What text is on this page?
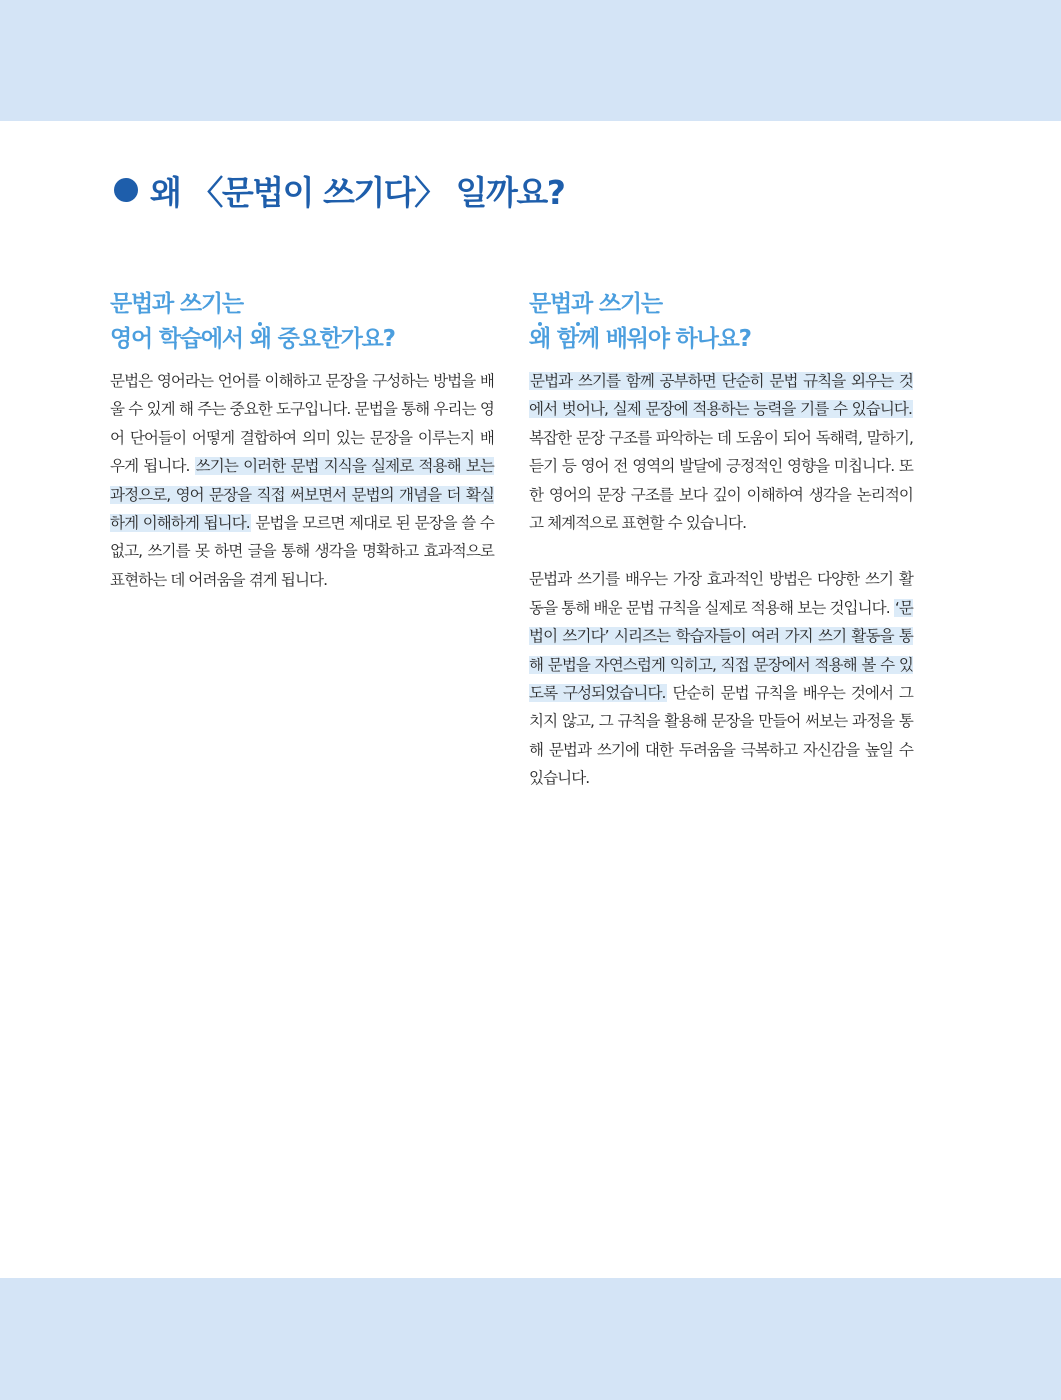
왜 〈문법이 쓰기다〉 일까요?
문법과 쓰기는
영어 학습에서 왜 중요한가요?

문법은 영어라는 언어를 이해하고 문장을 구성하는 방법을 배울 수 있게 해 주는 중요한 도구입니다. 문법을 통해 우리는 영어 단어들이 어떻게 결합하여 의미 있는 문장을 이루는지 배우게 됩니다. 쓰기는 이러한 문법 지식을 실제로 적용해 보는 과정으로, 영어 문장을 직접 써보면서 문법의 개념을 더 확실하게 이해하게 됩니다. 문법을 모르면 제대로 된 문장을 쓸 수 없고, 쓰기를 못 하면 글을 통해 생각을 명확하고 효과적으로 표현하는 데 어려움을 겪게 됩니다.

문법과 쓰기는
왜 함께 배워야 하나요?

문법과 쓰기를 함께 공부하면 단순히 문법 규칙을 외우는 것에서 벗어나, 실제 문장에 적용하는 능력을 기를 수 있습니다. 복잡한 문장 구조를 파악하는 데 도움이 되어 독해력, 말하기, 듣기 등 영어 전 영역의 발달에 긍정적인 영향을 미칩니다. 또한 영어의 문장 구조를 보다 깊이 이해하여 생각을 논리적이고 체계적으로 표현할 수 있습니다.

문법과 쓰기를 배우는 가장 효과적인 방법은 다양한 쓰기 활동을 통해 배운 문법 규칙을 실제로 적용해 보는 것입니다. ‘문법이 쓰기다’ 시리즈는 학습자들이 여러 가지 쓰기 활동을 통해 문법을 자연스럽게 익히고, 직접 문장에서 적용해 볼 수 있도록 구성되었습니다. 단순히 문법 규칙을 배우는 것에서 그치지 않고, 그 규칙을 활용해 문장을 만들어 써보는 과정을 통해 문법과 쓰기에 대한 두려움을 극복하고 자신감을 높일 수 있습니다.
